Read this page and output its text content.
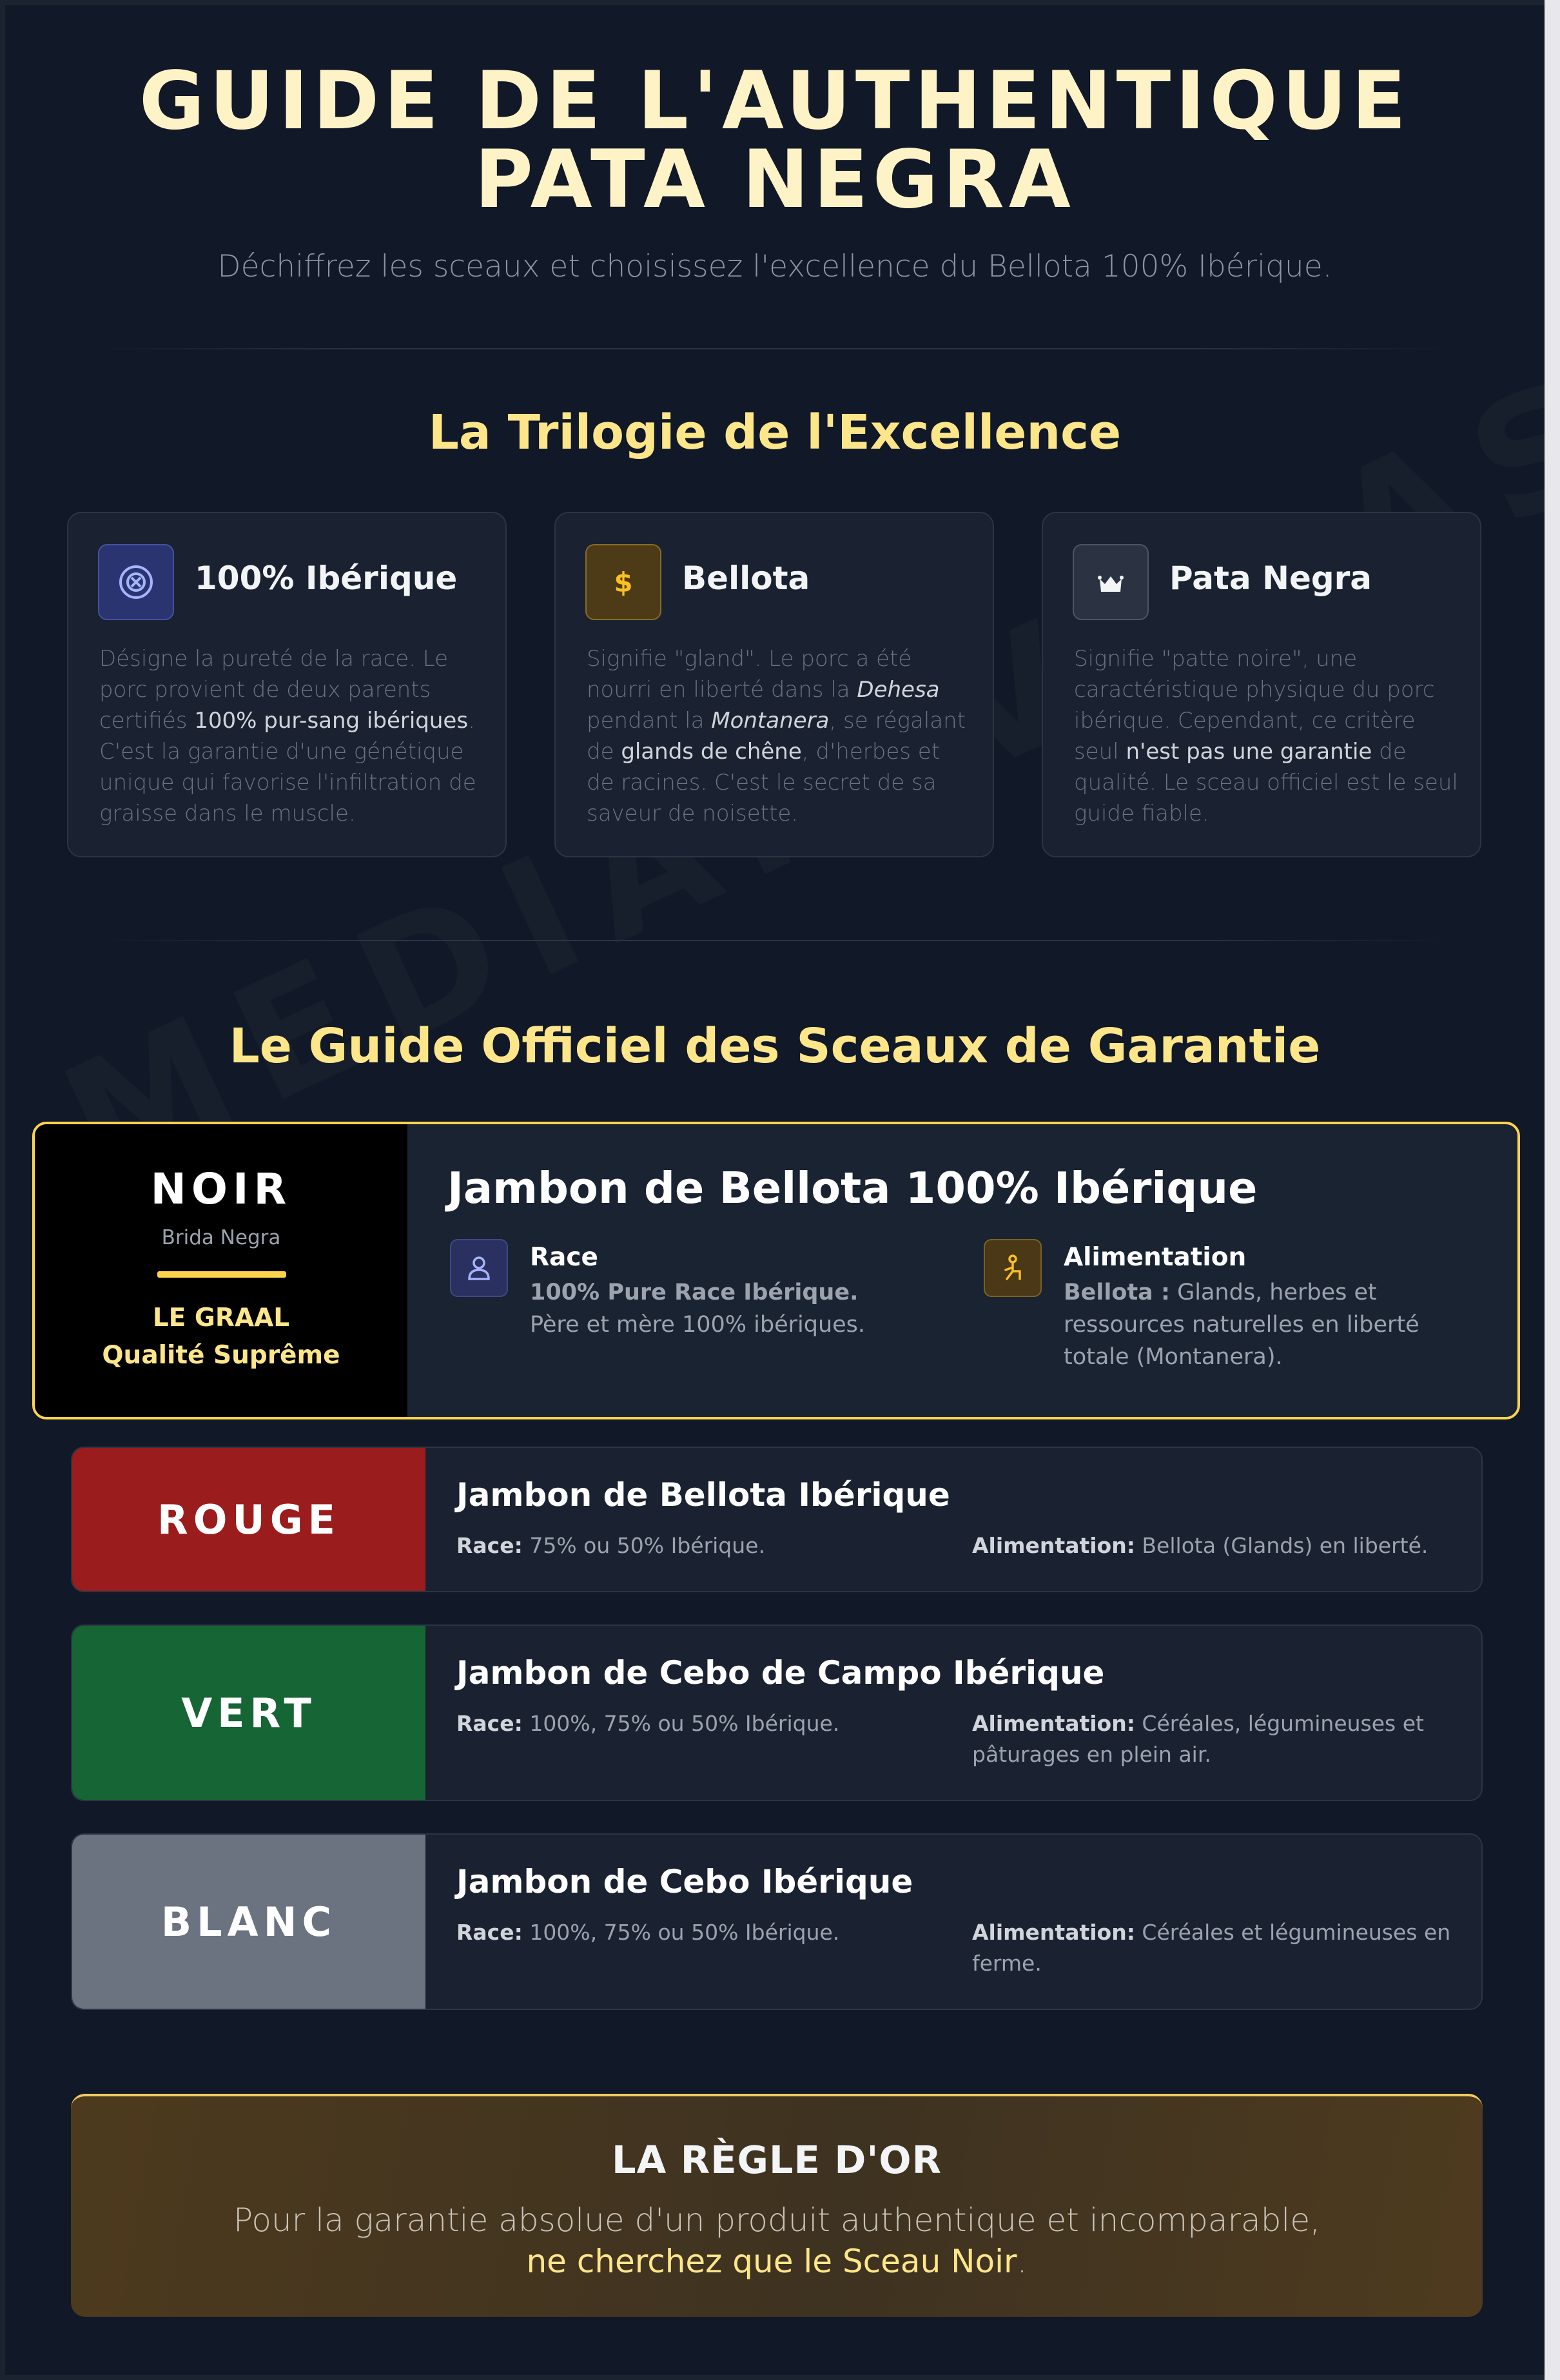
GUIDE DE L'AUTHENTIQUE
PATA NEGRA
Déchiffrez les sceaux et choisissez l'excellence du Bellota 100% Ibérique.
La Trilogie de l'Excellence
100% Ibérique
Désigne la pureté de la race. Le porc provient de deux parents certifiés 100% pur-sang ibériques. C'est la garantie d'une génétique unique qui favorise l'infiltration de graisse dans le muscle.
$ Bellota
Signifie "gland". Le porc a été nourri en liberté dans la Dehesa pendant la Montanera, se régalant de glands de chêne, d'herbes et de racines. C'est le secret de sa saveur de noisette.
Pata Negra
Signifie "patte noire", une caractéristique physique du porc ibérique. Cependant, ce critère seul n'est pas une garantie de qualité. Le sceau officiel est le seul guide fiable.
Le Guide Officiel des Sceaux de Garantie
NOIR
Brida Negra
LE GRAAL
Qualité Suprême
Jambon de Bellota 100% Ibérique
Race
100% Pure Race Ibérique.
Père et mère 100% ibériques.
Alimentation
Bellota : Glands, herbes et
ressources naturelles en liberté
totale (Montanera).
ROUGE
Jambon de Bellota Ibérique
Race: 75% ou 50% Ibérique.	Alimentation: Bellota (Glands) en liberté.
VERT
Jambon de Cebo de Campo Ibérique
Race: 100%, 75% ou 50% Ibérique.	Alimentation: Céréales, légumineuses et
pâturages en plein air.
BLANC
Jambon de Cebo Ibérique
Race: 100%, 75% ou 50% Ibérique.	Alimentation: Céréales et légumineuses en
ferme.
LA RÈGLE D'OR
Pour la garantie absolue d'un produit authentique et incomparable,
ne cherchez que le Sceau Noir.
